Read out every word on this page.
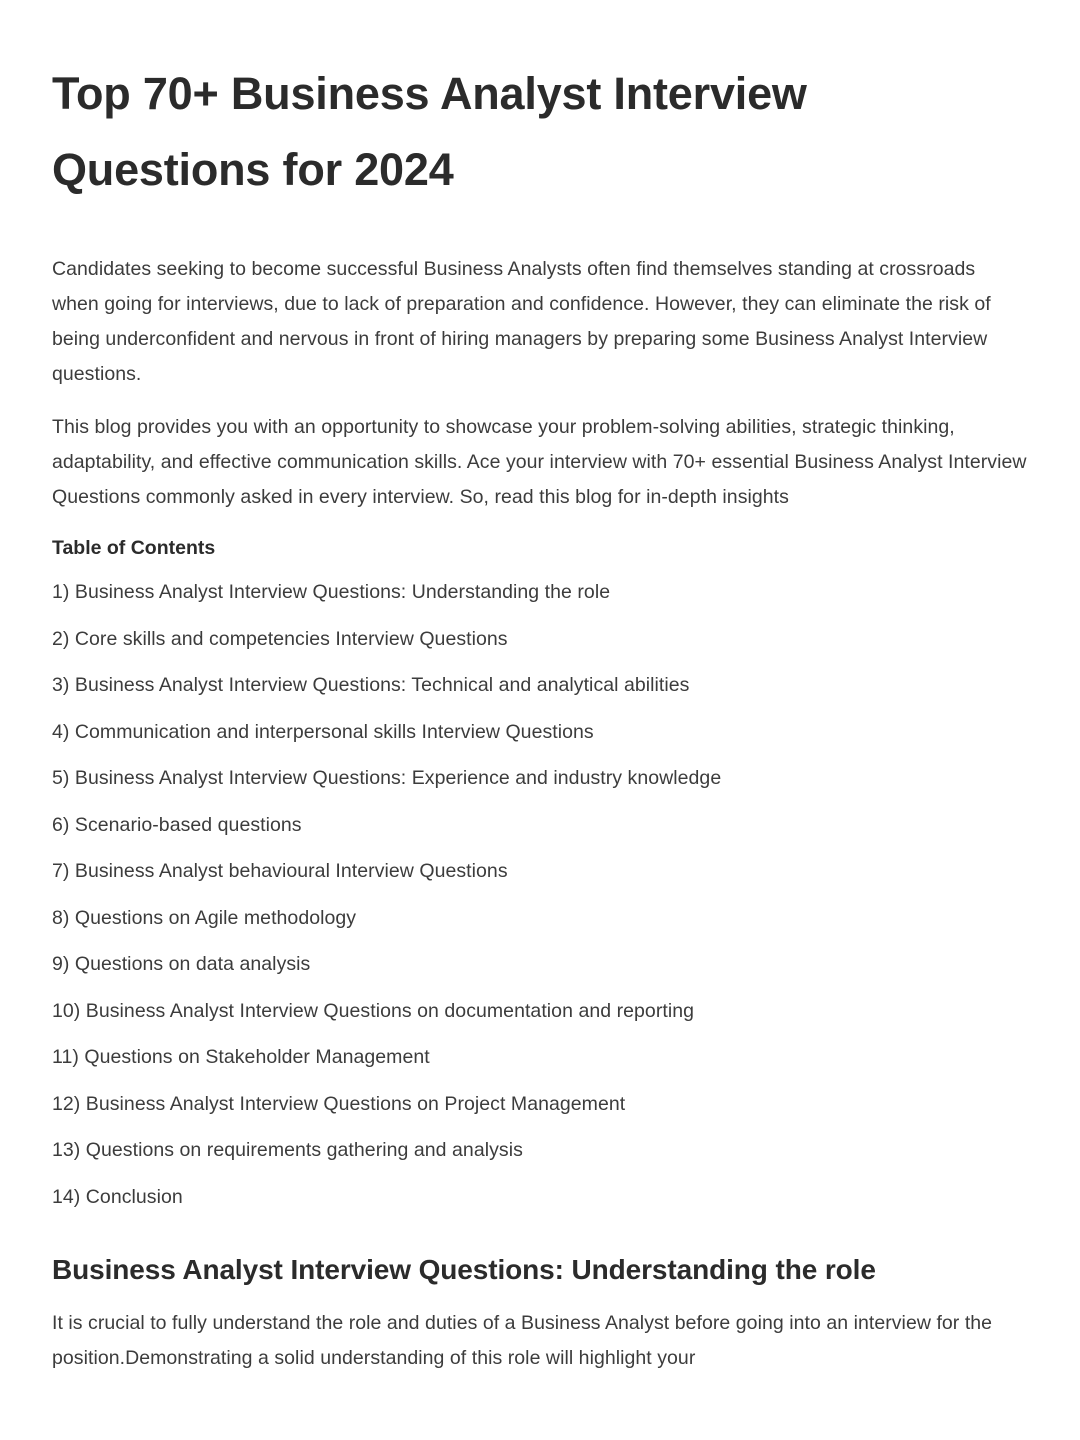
Top 70+ Business Analyst Interview Questions for 2024

Candidates seeking to become successful Business Analysts often find themselves standing at crossroads when going for interviews, due to lack of preparation and confidence. However, they can eliminate the risk of being underconfident and nervous in front of hiring managers by preparing some Business Analyst Interview questions.

This blog provides you with an opportunity to showcase your problem-solving abilities, strategic thinking, adaptability, and effective communication skills. Ace your interview with 70+ essential Business Analyst Interview Questions commonly asked in every interview. So, read this blog for in-depth insights

Table of Contents
1) Business Analyst Interview Questions: Understanding the role
2) Core skills and competencies Interview Questions
3) Business Analyst Interview Questions: Technical and analytical abilities
4) Communication and interpersonal skills Interview Questions
5) Business Analyst Interview Questions: Experience and industry knowledge
6) Scenario-based questions
7) Business Analyst behavioural Interview Questions
8) Questions on Agile methodology
9) Questions on data analysis
10) Business Analyst Interview Questions on documentation and reporting
11) Questions on Stakeholder Management
12) Business Analyst Interview Questions on Project Management
13) Questions on requirements gathering and analysis
14) Conclusion
Business Analyst Interview Questions: Understanding the role

It is crucial to fully understand the role and duties of a Business Analyst before going into an interview for the position.Demonstrating a solid understanding of this role will highlight your
